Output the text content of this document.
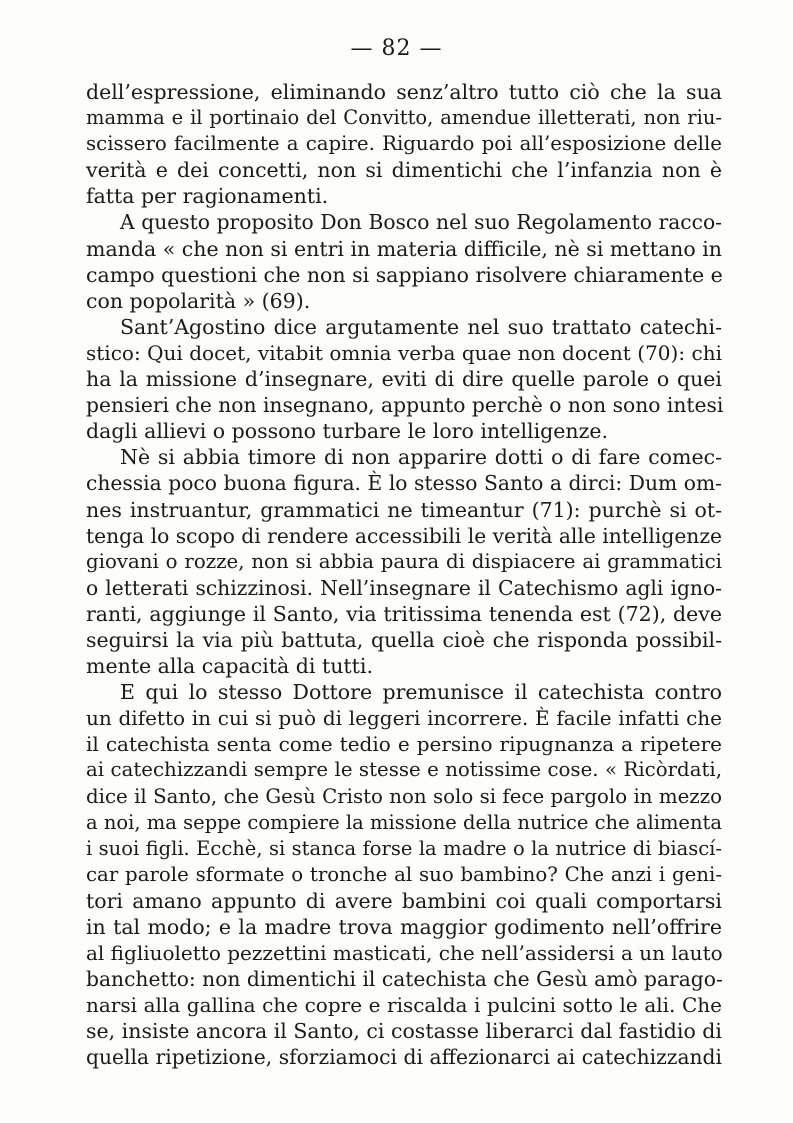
— 82 —
dell’espressione, eliminando senz’altro tutto ciò che la sua
mamma e il portinaio del Convitto, amendue illetterati, non riu-
scissero facilmente a capire. Riguardo poi all’esposizione delle
verità e dei concetti, non si dimentichi che l’infanzia non è
fatta per ragionamenti.
A questo proposito Don Bosco nel suo Regolamento racco-
manda « che non si entri in materia difficile, nè si mettano in
campo questioni che non si sappiano risolvere chiaramente e
con popolarità » (69).
Sant’Agostino dice argutamente nel suo trattato catechi-
stico: Qui docet, vitabit omnia verba quae non docent (70): chi
ha la missione d’insegnare, eviti di dire quelle parole o quei
pensieri che non insegnano, appunto perchè o non sono intesi
dagli allievi o possono turbare le loro intelligenze.
Nè si abbia timore di non apparire dotti o di fare comec-
chessia poco buona figura. È lo stesso Santo a dirci: Dum om-
nes instruantur, grammatici ne timeantur (71): purchè si ot-
tenga lo scopo di rendere accessibili le verità alle intelligenze
giovani o rozze, non si abbia paura di dispiacere ai grammatici
o letterati schizzinosi. Nell’insegnare il Catechismo agli igno-
ranti, aggiunge il Santo, via tritissima tenenda est (72), deve
seguirsi la via più battuta, quella cioè che risponda possibil-
mente alla capacità di tutti.
E qui lo stesso Dottore premunisce il catechista contro
un difetto in cui si può di leggeri incorrere. È facile infatti che
il catechista senta come tedio e persino ripugnanza a ripetere
ai catechizzandi sempre le stesse e notissime cose. « Ricòrdati,
dice il Santo, che Gesù Cristo non solo si fece pargolo in mezzo
a noi, ma seppe compiere la missione della nutrice che alimenta
i suoi figli. Ecchè, si stanca forse la madre o la nutrice di biascí-
car parole sformate o tronche al suo bambino? Che anzi i geni-
tori amano appunto di avere bambini coi quali comportarsi
in tal modo; e la madre trova maggior godimento nell’offrire
al figliuoletto pezzettini masticati, che nell’assidersi a un lauto
banchetto: non dimentichi il catechista che Gesù amò parago-
narsi alla gallina che copre e riscalda i pulcini sotto le ali. Che
se, insiste ancora il Santo, ci costasse liberarci dal fastidio di
quella ripetizione, sforziamoci di affezionarci ai catechizzandi
